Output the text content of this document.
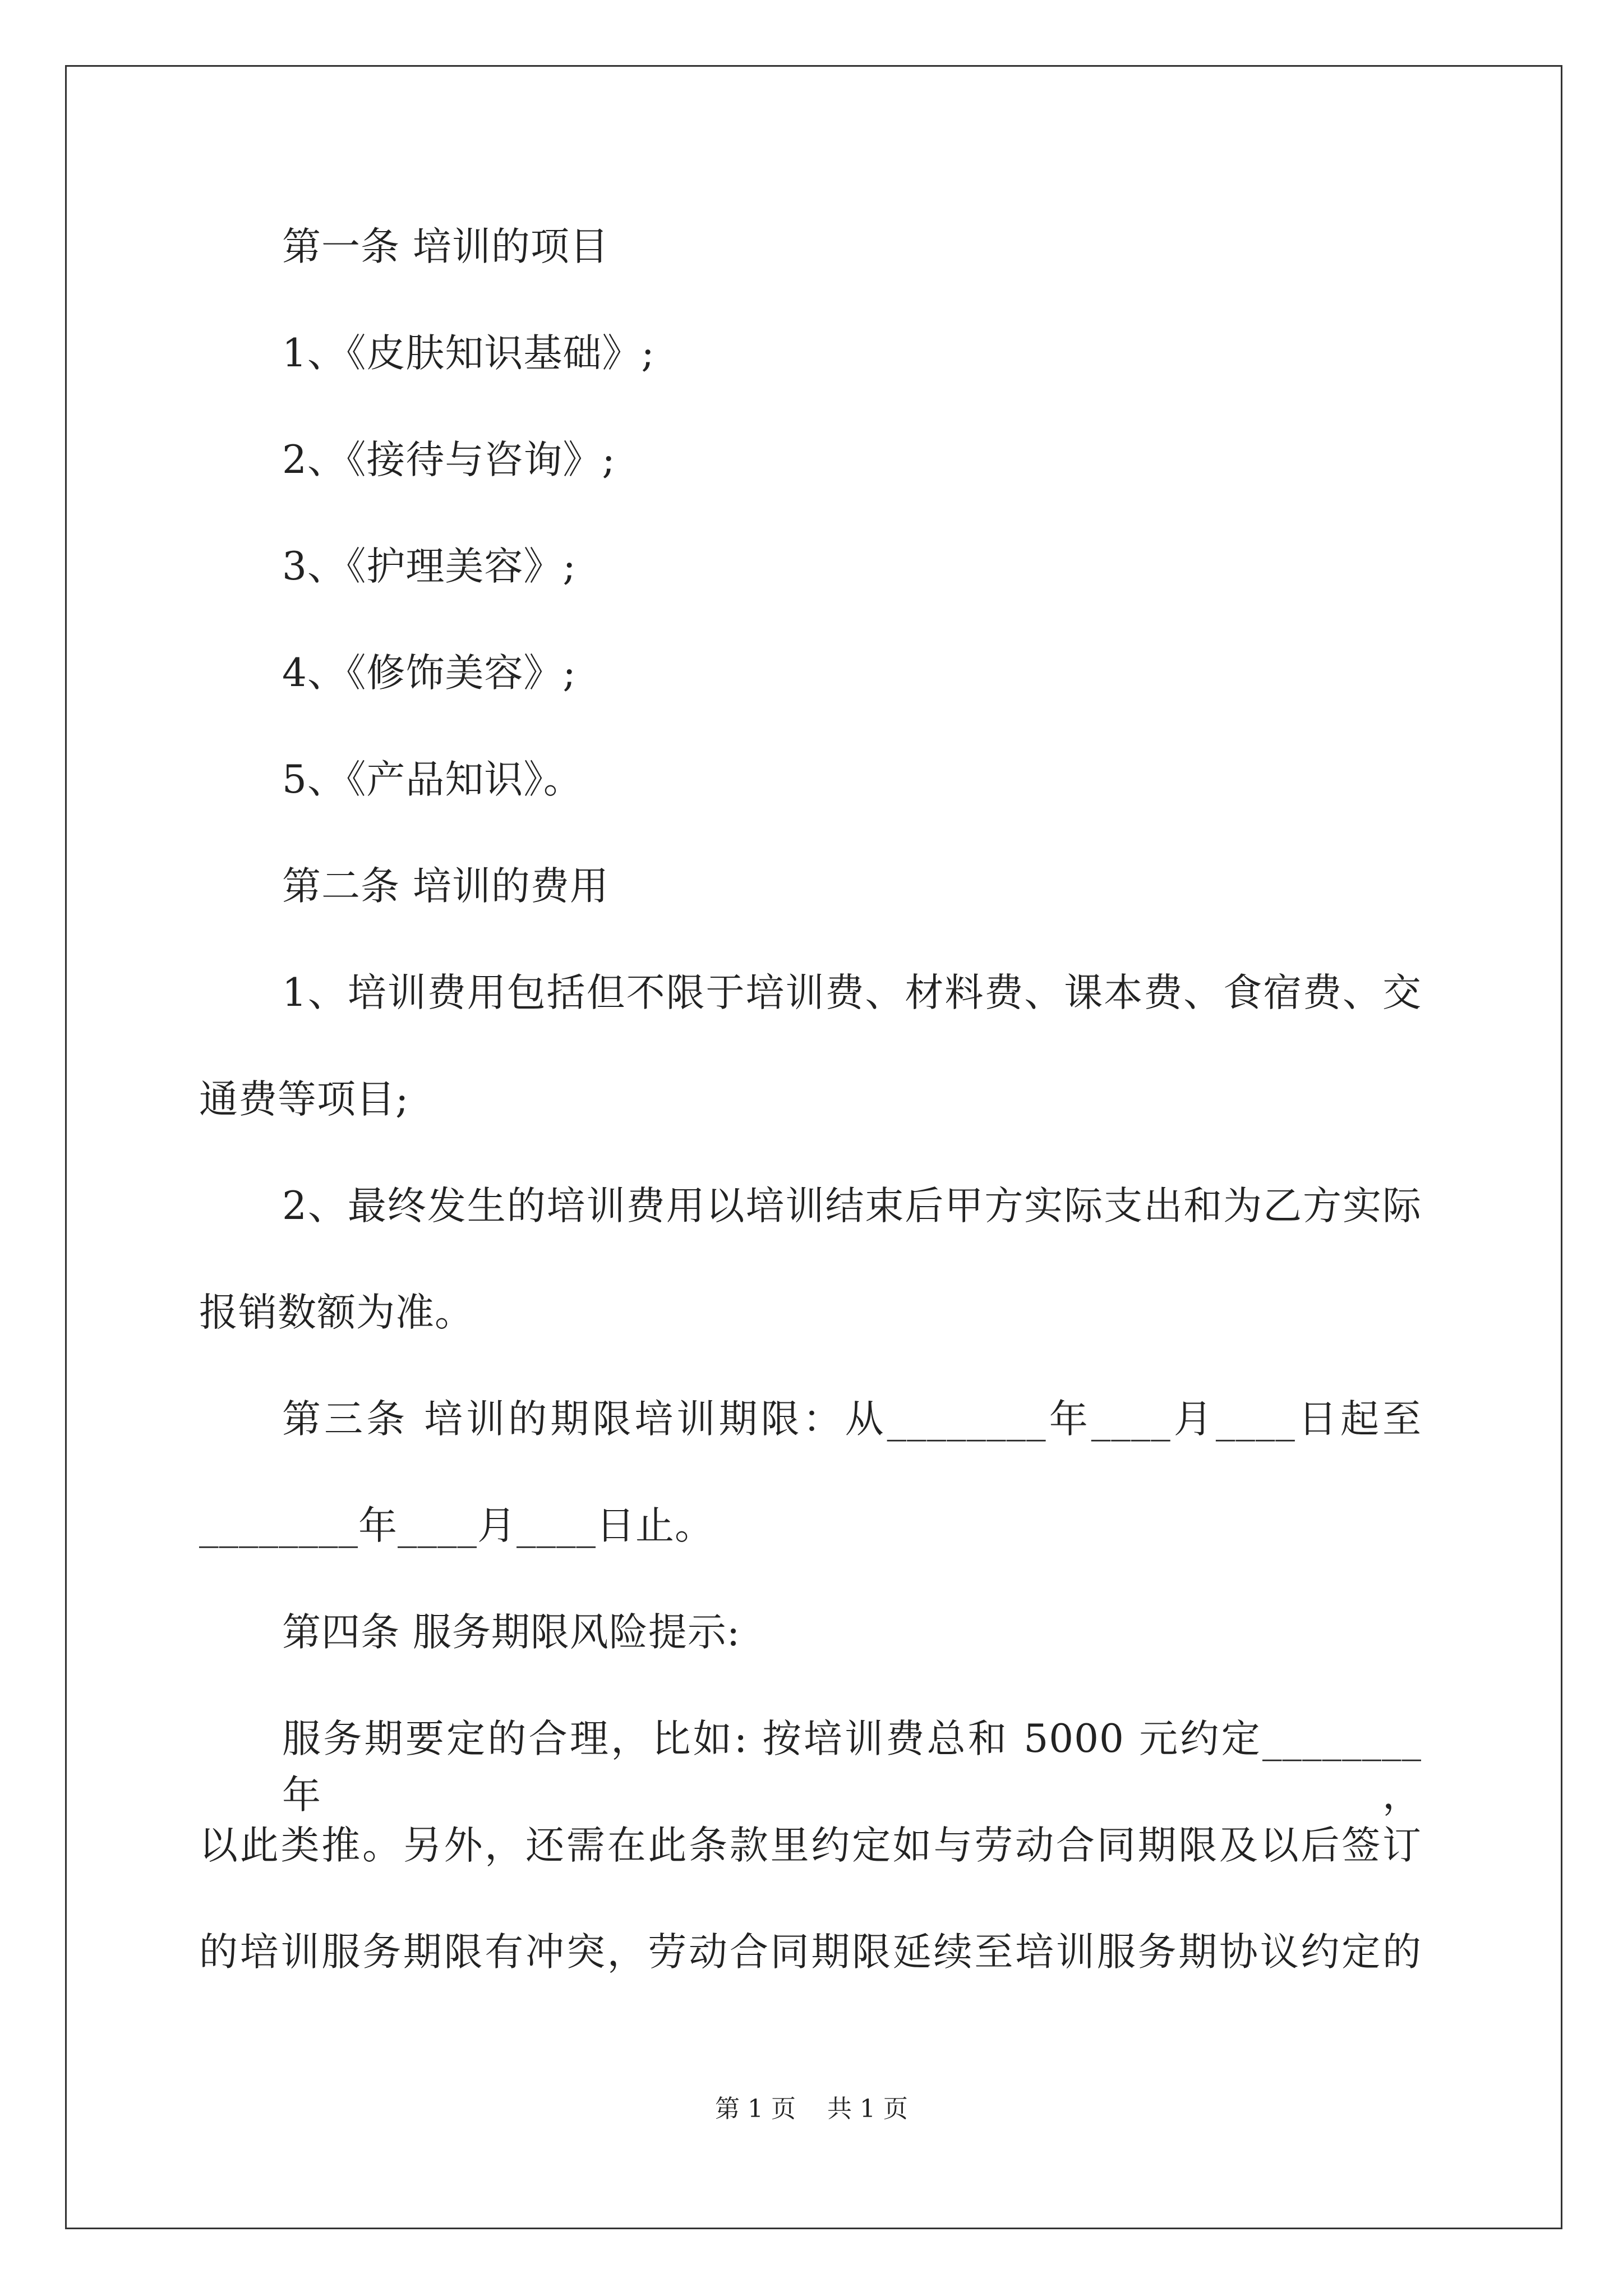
第一条 培训的项目
1、《皮肤知识基础》;
2、《接待与咨询》;
3、《护理美容》;
4、《修饰美容》;
5、《产品知识》。
第二条 培训的费用
1、培训费用包括但不限于培训费、材料费、课本费、食宿费、交
通费等项目;
2、最终发生的培训费用以培训结束后甲方实际支出和为乙方实际
报销数额为准。
第三条 培训的期限培训期限：从________年____月____日起至
________年____月____日止。
第四条 服务期限风险提示:
服务期要定的合理，比如: 按培训费总和 5000 元约定________年，
以此类推。另外，还需在此条款里约定如与劳动合同期限及以后签订
的培训服务期限有冲突，劳动合同期限延续至培训服务期协议约定的
第 1 页    共 1 页
